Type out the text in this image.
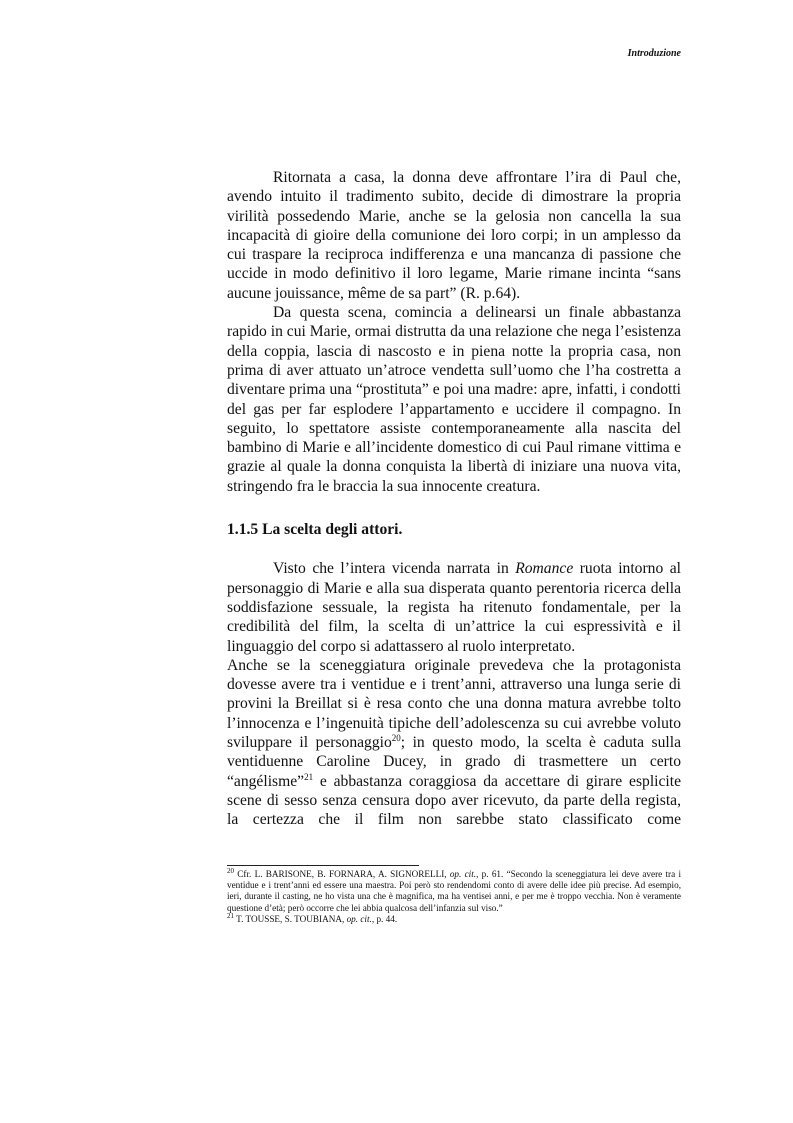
Introduzione

Ritornata a casa, la donna deve affrontare l’ira di Paul che, avendo intuito il tradimento subito, decide di dimostrare la propria virilità possedendo Marie, anche se la gelosia non cancella la sua incapacità di gioire della comunione dei loro corpi; in un amplesso da cui traspare la reciproca indifferenza e una mancanza di passione che uccide in modo definitivo il loro legame, Marie rimane incinta “sans aucune jouissance, même de sa part” (R. p.64).

Da questa scena, comincia a delinearsi un finale abbastanza rapido in cui Marie, ormai distrutta da una relazione che nega l’esistenza della coppia, lascia di nascosto e in piena notte la propria casa, non prima di aver attuato un’atroce vendetta sull’uomo che l’ha costretta a diventare prima una “prostituta” e poi una madre: apre, infatti, i condotti del gas per far esplodere l’appartamento e uccidere il compagno. In seguito, lo spettatore assiste contemporaneamente alla nascita del bambino di Marie e all’incidente domestico di cui Paul rimane vittima e grazie al quale la donna conquista la libertà di iniziare una nuova vita, stringendo fra le braccia la sua innocente creatura.

1.1.5 La scelta degli attori.

Visto che l’intera vicenda narrata in Romance ruota intorno al personaggio di Marie e alla sua disperata quanto perentoria ricerca della soddisfazione sessuale, la regista ha ritenuto fondamentale, per la credibilità del film, la scelta di un’attrice la cui espressività e il linguaggio del corpo si adattassero al ruolo interpretato.

Anche se la sceneggiatura originale prevedeva che la protagonista dovesse avere tra i ventidue e i trent’anni, attraverso una lunga serie di provini la Breillat si è resa conto che una donna matura avrebbe tolto l’innocenza e l’ingenuità tipiche dell’adolescenza su cui avrebbe voluto sviluppare il personaggio$^{20}$; in questo modo, la scelta è caduta sulla ventiduenne Caroline Ducey, in grado di trasmettere un certo “angélisme”$^{21}$ e abbastanza coraggiosa da accettare di girare esplicite scene di sesso senza censura dopo aver ricevuto, da parte della regista, la certezza che il film non sarebbe stato classificato come

$^{20}$ Cfr. L. BARISONE, B. FORNARA, A. SIGNORELLI, op. cit., p. 61. “Secondo la sceneggiatura lei deve avere tra i ventidue e i trent’anni ed essere una maestra. Poi però sto rendendomi conto di avere delle idee più precise. Ad esempio, ieri, durante il casting, ne ho vista una che è magnifica, ma ha ventisei anni, e per me è troppo vecchia. Non è veramente questione d’età; però occorre che lei abbia qualcosa dell’infanzia sul viso.”

$^{21}$ T. TOUSSE, S. TOUBIANA, op. cit., p. 44.
